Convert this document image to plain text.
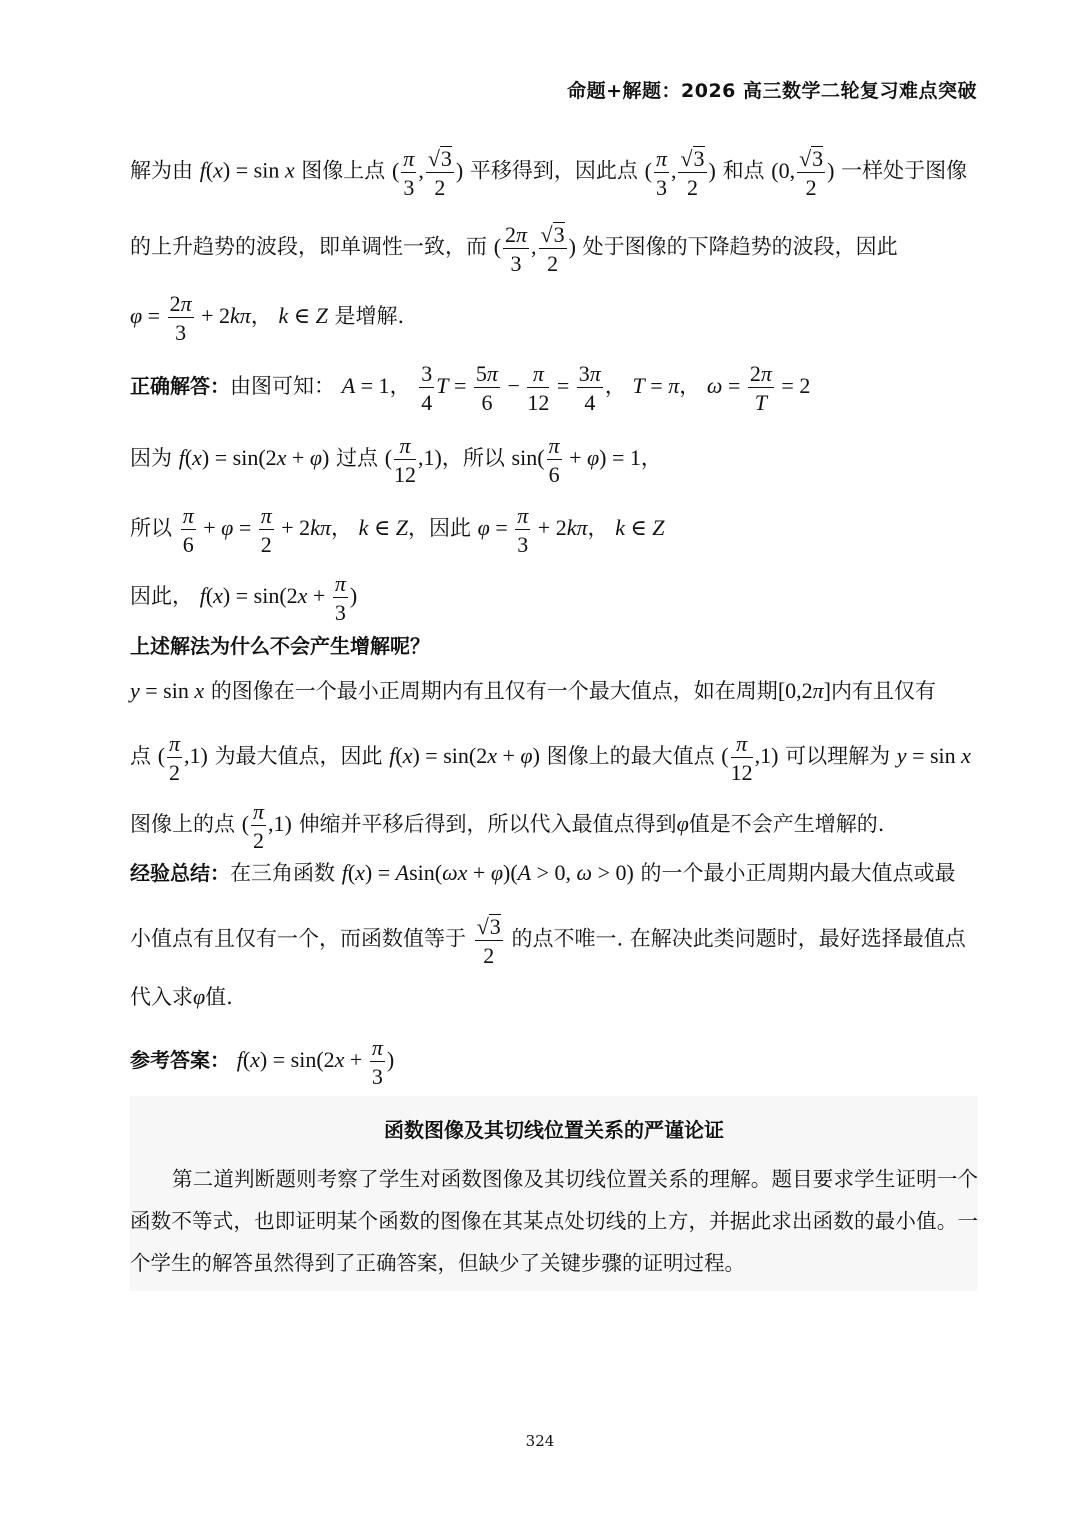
命题+解题：2026 高三数学二轮复习难点突破
解为由 f(x) = sin x 图像上点 ( $\frac{\pi}{3}$ , $\frac{√3}{2}$ ) 平移得到，因此点 ( $\frac{\pi}{3}$ , $\frac{√3}{2}$ ) 和点 (0, $\frac{√3}{2}$ ) 一样处于图像
的上升趋势的波段，即单调性一致，而 ( $\frac{2\pi}{3}$ , $\frac{√3}{2}$ ) 处于图像的下降趋势的波段，因此
$\varphi = \frac{2\pi}{3} + 2k\pi$， k ∈ Z 是增解.
正确解答：由图可知： A = 1， $\frac{3}{4}$ $T = \frac{5\pi}{6} - \frac{\pi}{12} = \frac{3\pi}{4}$ ， T = π， $\omega = \frac{2\pi}{T} = 2$
因为 f(x) = sin(2x + φ) 过点 ( $\frac{\pi}{12} ,1$)，所以 $\sin( \frac{\pi}{6} + \varphi) = 1$，
所以 $\frac{\pi}{6} + \varphi = \frac{\pi}{2} + 2k\pi$， k ∈ Z，因此 $\varphi = \frac{\pi}{3} + 2k\pi$， k ∈ Z
因此， $f(x) = \sin(2x + \frac{\pi}{3}$ )
上述解法为什么不会产生增解呢？
y = sin x 的图像在一个最小正周期内有且仅有一个最大值点，如在周期[0,2π]内有且仅有
点 ( $\frac{\pi}{2} ,1$) 为最大值点，因此 f(x) = sin(2x + φ) 图像上的最大值点 ( $\frac{\pi}{12} ,1$) 可以理解为 y = sin x
图像上的点 ( $\frac{\pi}{2} ,1$) 伸缩并平移后得到，所以代入最值点得到φ值是不会产生增解的.
经验总结：在三角函数 f(x) = Asin(ωx + φ)(A > 0, ω > 0) 的一个最小正周期内最大值点或最
小值点有且仅有一个，而函数值等于 $\frac{√3}{2}$ 的点不唯一. 在解决此类问题时，最好选择最值点
代入求φ值.
参考答案： $f(x) = \sin(2x + \frac{\pi}{3}$ )
函数图像及其切线位置关系的严谨论证
第二道判断题则考察了学生对函数图像及其切线位置关系的理解。题目要求学生证明一个函数不等式，也即证明某个函数的图像在其某点处切线的上方，并据此求出函数的最小值。一个学生的解答虽然得到了正确答案，但缺少了关键步骤的证明过程。
324
